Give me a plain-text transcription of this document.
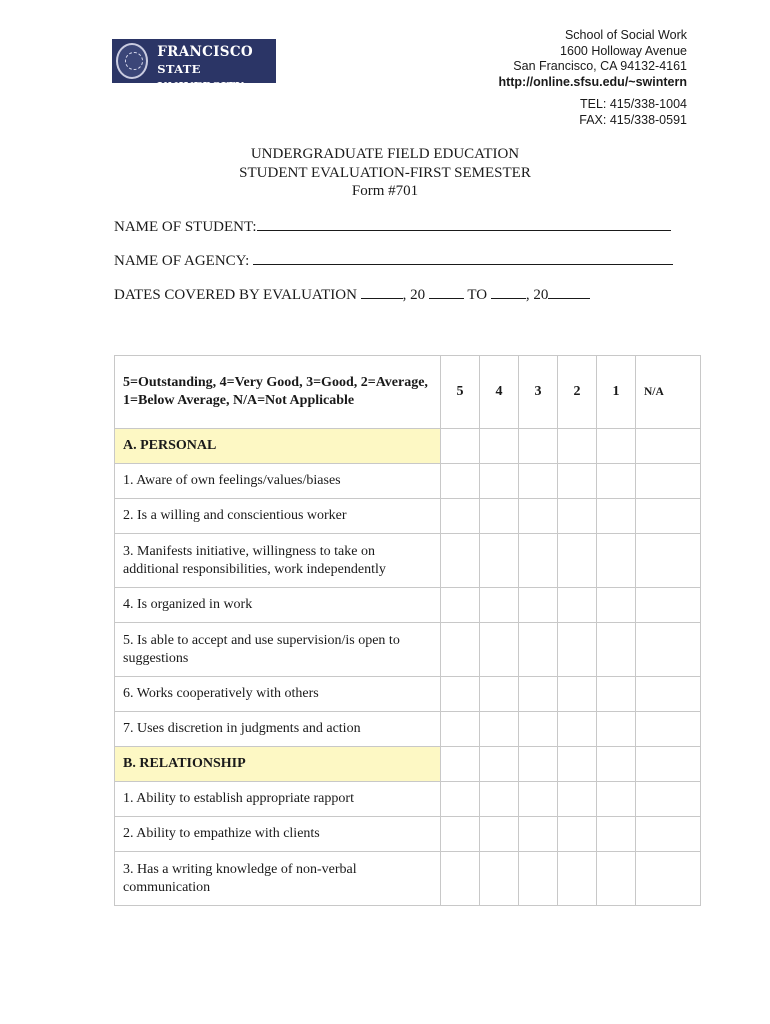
SAN FRANCISCO
STATE UNIVERSITY
School of Social Work
1600 Holloway Avenue
San Francisco, CA 94132-4161
http://online.sfsu.edu/~swintern
TEL: 415/338-1004
FAX: 415/338-0591
UNDERGRADUATE FIELD EDUCATION
STUDENT EVALUATION-FIRST SEMESTER
Form #701
NAME OF STUDENT:
NAME OF AGENCY:
DATES COVERED BY EVALUATION	, 20	TO	, 20
5=Outstanding, 4=Very Good, 3=Good, 2=Average, 1=Below Average, N/A=Not Applicable	5	4	3	2	1	N/A
A. PERSONAL						
1. Aware of own feelings/values/biases						
2. Is a willing and conscientious worker						
3. Manifests initiative, willingness to take on additional responsibilities, work independently						
4. Is organized in work						
5. Is able to accept and use supervision/is open to suggestions						
6. Works cooperatively with others						
7. Uses discretion in judgments and action						
B. RELATIONSHIP						
1. Ability to establish appropriate rapport						
2. Ability to empathize with clients						
3. Has a writing knowledge of non-verbal communication						
